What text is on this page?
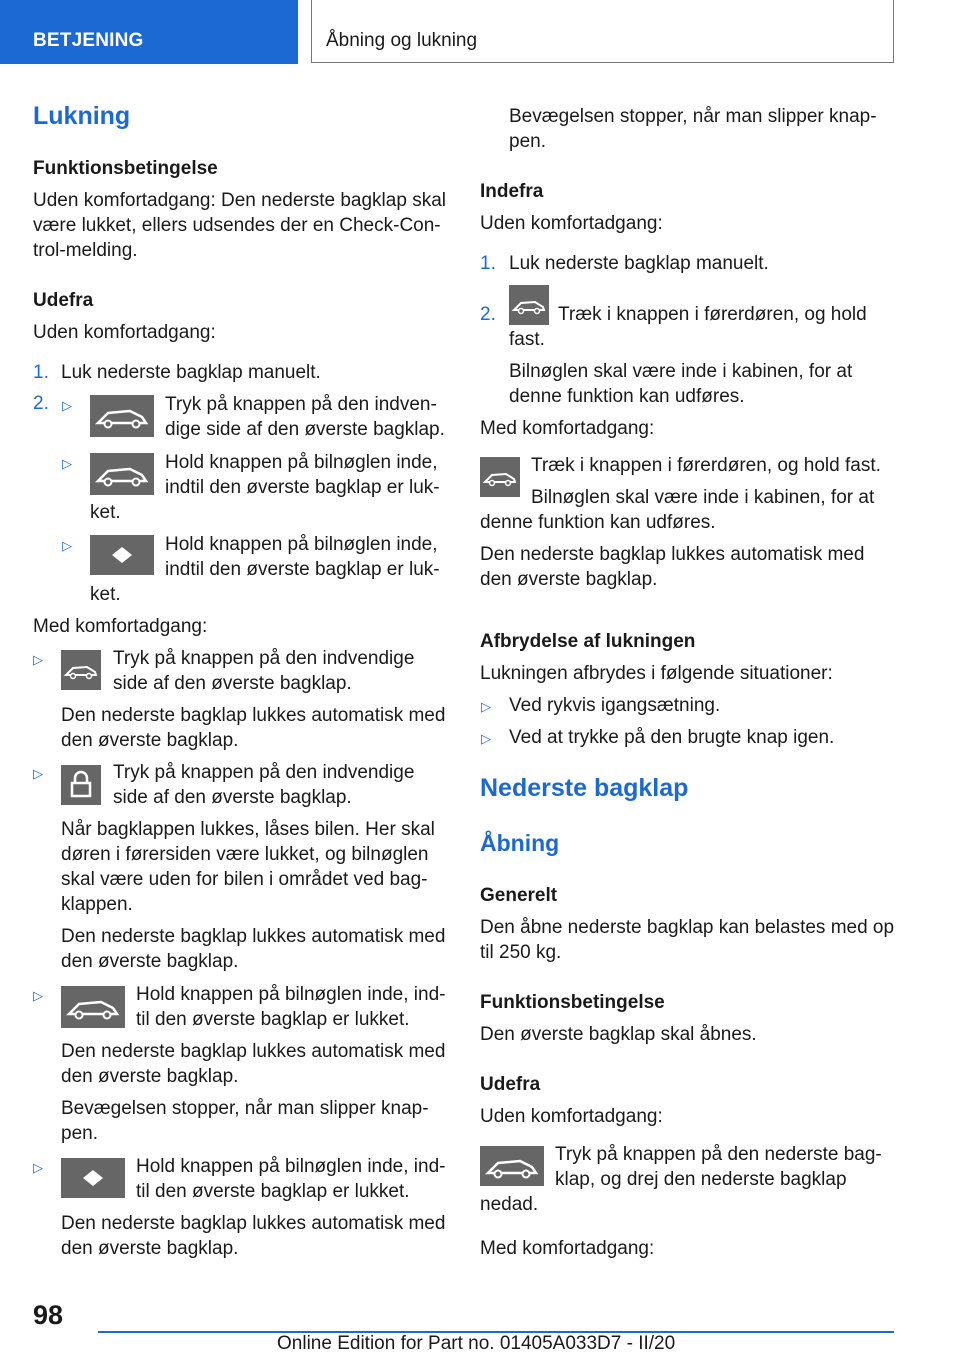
BETJENING	Åbning og lukning
Lukning
Funktionsbetingelse
Uden komfortadgang: Den nederste bagklap skal
være lukket, ellers udsendes der en Check-Con-
trol-melding.
Udefra
Uden komfortadgang:
1. Luk nederste bagklap manuelt.
2. ▷	Tryk på knappen på den indven-
dige side af den øverste bagklap.
▷	Hold knappen på bilnøglen inde,
indtil den øverste bagklap er luk-
ket.
▷	Hold knappen på bilnøglen inde,
indtil den øverste bagklap er luk-
ket.
Med komfortadgang:
▷	Tryk på knappen på den indvendige
side af den øverste bagklap.
Den nederste bagklap lukkes automatisk med
den øverste bagklap.
▷	Tryk på knappen på den indvendige
side af den øverste bagklap.
Når bagklappen lukkes, låses bilen. Her skal
døren i førersiden være lukket, og bilnøglen
skal være uden for bilen i området ved bag-
klappen.
Den nederste bagklap lukkes automatisk med
den øverste bagklap.
▷	Hold knappen på bilnøglen inde, ind-
til den øverste bagklap er lukket.
Den nederste bagklap lukkes automatisk med
den øverste bagklap.
Bevægelsen stopper, når man slipper knap-
pen.
▷	Hold knappen på bilnøglen inde, ind-
til den øverste bagklap er lukket.
Den nederste bagklap lukkes automatisk med
den øverste bagklap.
Bevægelsen stopper, når man slipper knap-
pen.
Indefra
Uden komfortadgang:
1. Luk nederste bagklap manuelt.
2.	Træk i knappen i førerdøren, og hold
fast.
Bilnøglen skal være inde i kabinen, for at
denne funktion kan udføres.
Med komfortadgang:
Træk i knappen i førerdøren, og hold fast.
Bilnøglen skal være inde i kabinen, for at
denne funktion kan udføres.
Den nederste bagklap lukkes automatisk med
den øverste bagklap.
Afbrydelse af lukningen
Lukningen afbrydes i følgende situationer:
▷ Ved rykvis igangsætning.
▷ Ved at trykke på den brugte knap igen.
Nederste bagklap
Åbning
Generelt
Den åbne nederste bagklap kan belastes med op
til 250 kg.
Funktionsbetingelse
Den øverste bagklap skal åbnes.
Udefra
Uden komfortadgang:
Tryk på knappen på den nederste bag-
klap, og drej den nederste bagklap
nedad.
Med komfortadgang:
98
Online Edition for Part no. 01405A033D7 - II/20
